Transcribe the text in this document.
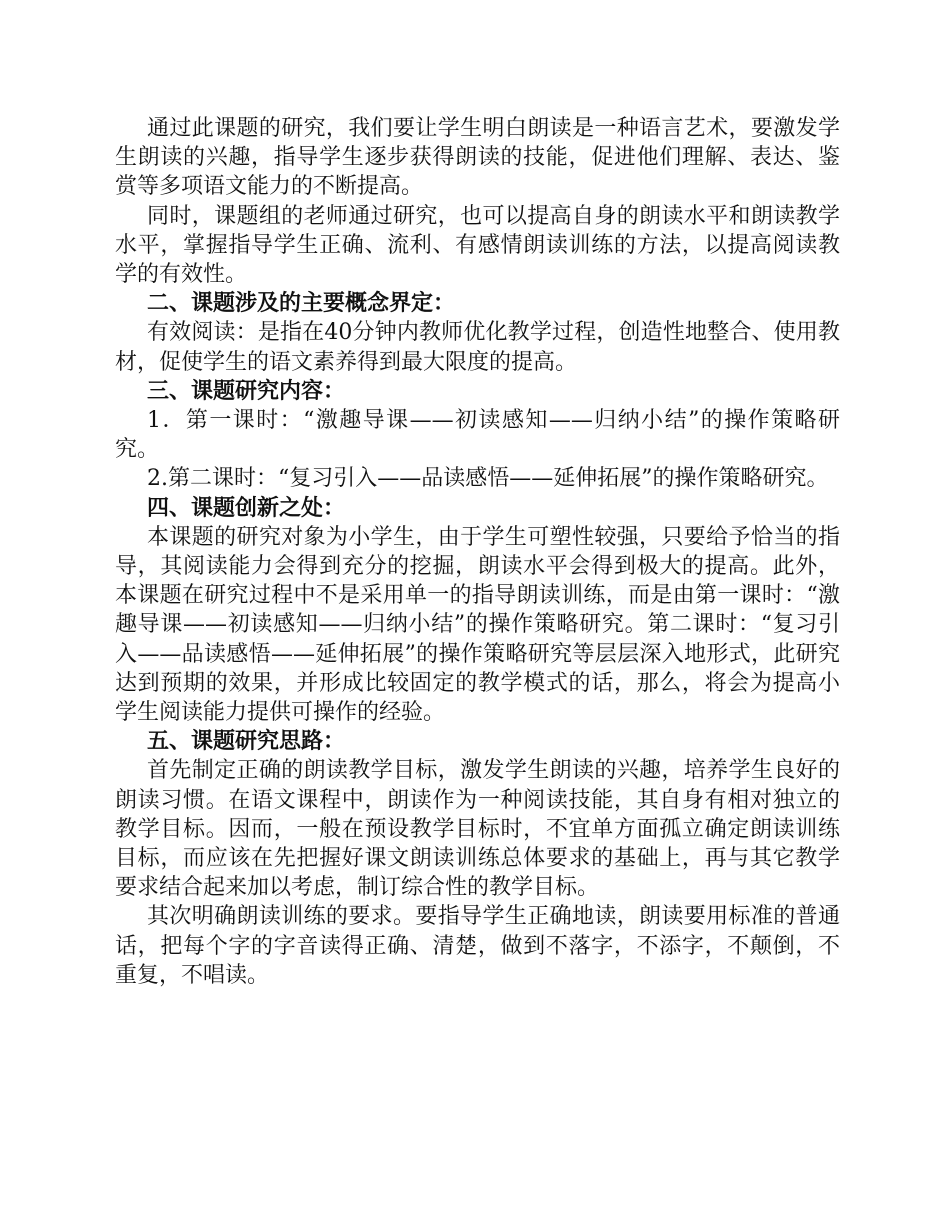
通过此课题的研究，我们要让学生明白朗读是一种语言艺术，要激发学生朗读的兴趣，指导学生逐步获得朗读的技能，促进他们理解、表达、鉴赏等多项语文能力的不断提高。

同时，课题组的老师通过研究，也可以提高自身的朗读水平和朗读教学水平，掌握指导学生正确、流利、有感情朗读训练的方法，以提高阅读教学的有效性。

二、课题涉及的主要概念界定：

有效阅读：是指在40分钟内教师优化教学过程，创造性地整合、使用教材，促使学生的语文素养得到最大限度的提高。

三、课题研究内容：

1．第一课时：“激趣导课——初读感知——归纳小结”的操作策略研究。

2.第二课时：“复习引入——品读感悟——延伸拓展”的操作策略研究。

四、课题创新之处：

本课题的研究对象为小学生，由于学生可塑性较强，只要给予恰当的指导，其阅读能力会得到充分的挖掘，朗读水平会得到极大的提高。此外，本课题在研究过程中不是采用单一的指导朗读训练，而是由第一课时：“激趣导课——初读感知——归纳小结”的操作策略研究。第二课时：“复习引入——品读感悟——延伸拓展”的操作策略研究等层层深入地形式，此研究达到预期的效果，并形成比较固定的教学模式的话，那么，将会为提高小学生阅读能力提供可操作的经验。

五、课题研究思路：

首先制定正确的朗读教学目标，激发学生朗读的兴趣，培养学生良好的朗读习惯。在语文课程中，朗读作为一种阅读技能，其自身有相对独立的教学目标。因而，一般在预设教学目标时，不宜单方面孤立确定朗读训练目标，而应该在先把握好课文朗读训练总体要求的基础上，再与其它教学要求结合起来加以考虑，制订综合性的教学目标。

其次明确朗读训练的要求。要指导学生正确地读，朗读要用标准的普通话，把每个字的字音读得正确、清楚，做到不落字，不添字，不颠倒，不重复，不唱读。
